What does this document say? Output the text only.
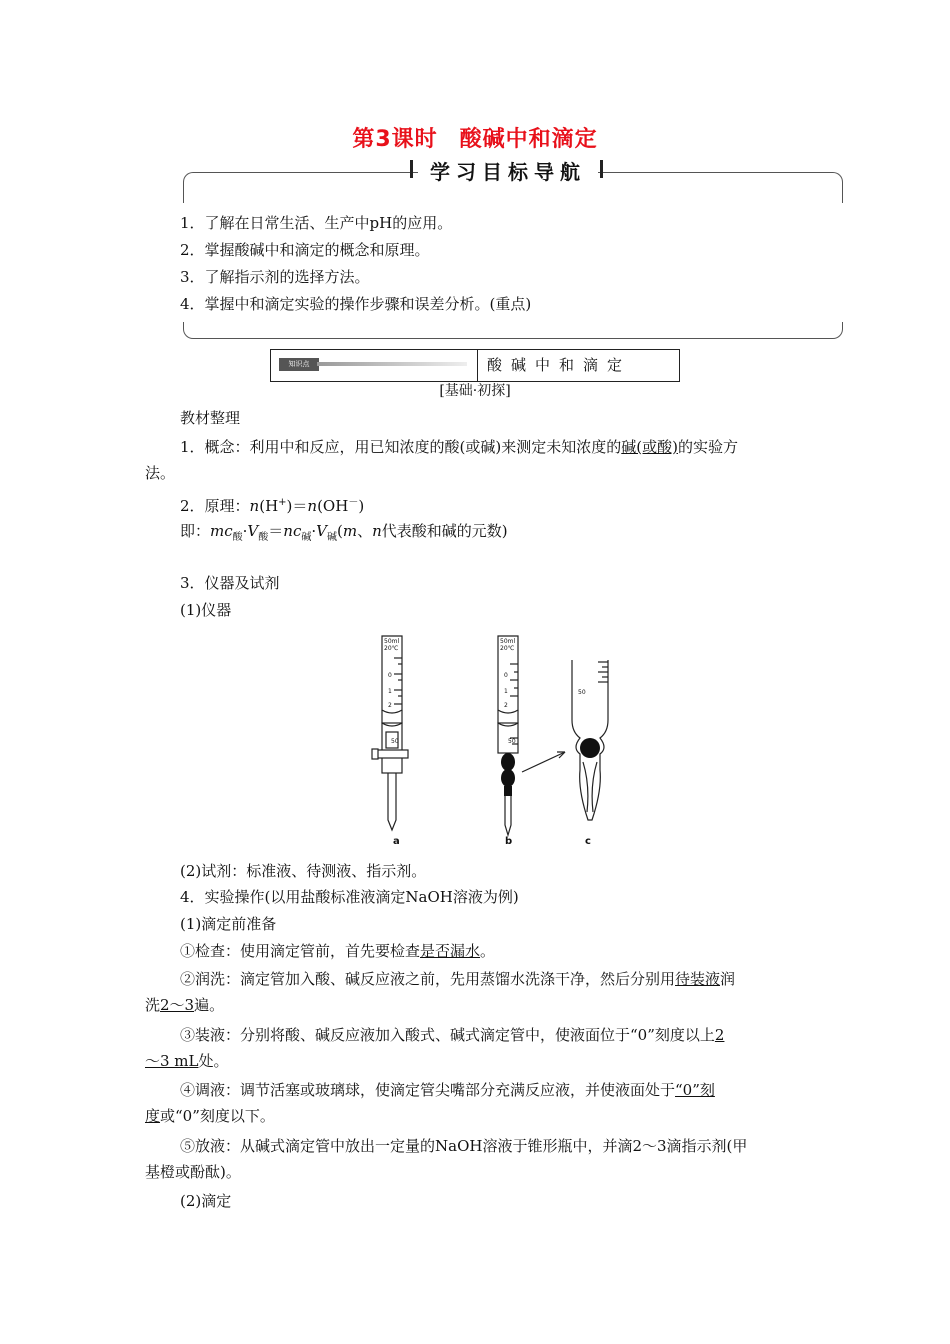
第3课时 酸碱中和滴定
学习目标导航
1．了解在日常生活、生产中pH的应用。
2．掌握酸碱中和滴定的概念和原理。
3．了解指示剂的选择方法。
4．掌握中和滴定实验的操作步骤和误差分析。(重点)
知识点	酸碱中和滴定
[基础·初探]
教材整理
1．概念：利用中和反应，用已知浓度的酸(或碱)来测定未知浓度的碱(或酸)的实验方
法。
2．原理：n(H+)＝n(OH－)
即：$mc_酸\cdot V_酸=nc_碱\cdot V_碱(m$、n代表酸和碱的元数)
3．仪器及试剂
(1)仪器
50ml
20℃
0
1
2
50
50ml
20℃
0
1
2
50
50
a	b	c
(2)试剂：标准液、待测液、指示剂。
4．实验操作(以用盐酸标准液滴定NaOH溶液为例)
(1)滴定前准备
①检查：使用滴定管前，首先要检查是否漏水。
②润洗：滴定管加入酸、碱反应液之前，先用蒸馏水洗涤干净，然后分别用待装液润
洗2～3遍。
③装液：分别将酸、碱反应液加入酸式、碱式滴定管中，使液面位于“0”刻度以上2
～3 mL处。
④调液：调节活塞或玻璃球，使滴定管尖嘴部分充满反应液，并使液面处于“0”刻
度或“0”刻度以下。
⑤放液：从碱式滴定管中放出一定量的NaOH溶液于锥形瓶中，并滴2～3滴指示剂(甲
基橙或酚酞)。
(2)滴定
